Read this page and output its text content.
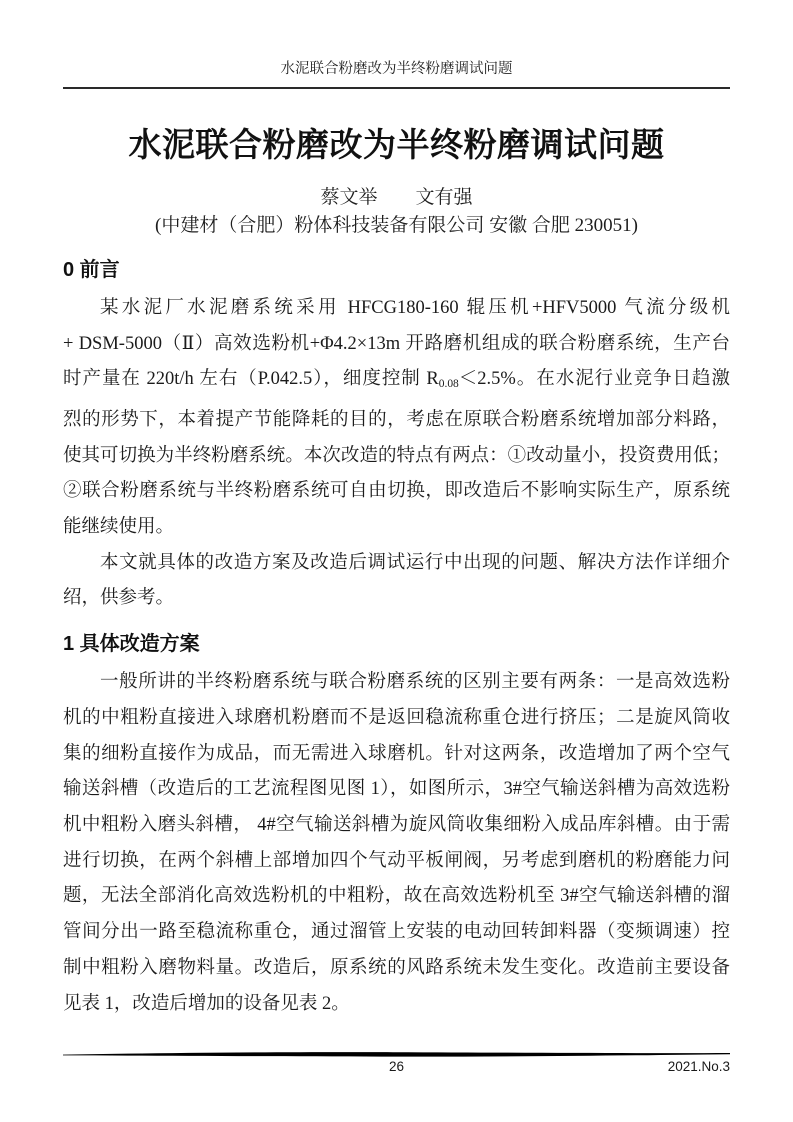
水泥联合粉磨改为半终粉磨调试问题
水泥联合粉磨改为半终粉磨调试问题
蔡文举　　文有强
(中建材（合肥）粉体科技装备有限公司 安徽 合肥 230051)
0 前言
某水泥厂水泥磨系统采用 HFCG180-160 辊压机+HFV5000 气流分级机
+ DSM-5000（Ⅱ）高效选粉机+Φ4.2×13m 开路磨机组成的联合粉磨系统，生产台
时产量在 220t/h 左右（P.042.5），细度控制 $R_{0.08}<2.5\%$。在水泥行业竞争日趋激
烈的形势下，本着提产节能降耗的目的，考虑在原联合粉磨系统增加部分料路，
使其可切换为半终粉磨系统。本次改造的特点有两点：①改动量小，投资费用低；
②联合粉磨系统与半终粉磨系统可自由切换，即改造后不影响实际生产，原系统
能继续使用。
本文就具体的改造方案及改造后调试运行中出现的问题、解决方法作详细介
绍，供参考。
1 具体改造方案
一般所讲的半终粉磨系统与联合粉磨系统的区别主要有两条：一是高效选粉
机的中粗粉直接进入球磨机粉磨而不是返回稳流称重仓进行挤压；二是旋风筒收
集的细粉直接作为成品，而无需进入球磨机。针对这两条，改造增加了两个空气
输送斜槽（改造后的工艺流程图见图 1），如图所示，3#空气输送斜槽为高效选粉
机中粗粉入磨头斜槽， 4#空气输送斜槽为旋风筒收集细粉入成品库斜槽。由于需
进行切换，在两个斜槽上部增加四个气动平板闸阀，另考虑到磨机的粉磨能力问
题，无法全部消化高效选粉机的中粗粉，故在高效选粉机至 3#空气输送斜槽的溜
管间分出一路至稳流称重仓，通过溜管上安装的电动回转卸料器（变频调速）控
制中粗粉入磨物料量。改造后，原系统的风路系统未发生变化。改造前主要设备
见表 1，改造后增加的设备见表 2。
26	2021.No.3
